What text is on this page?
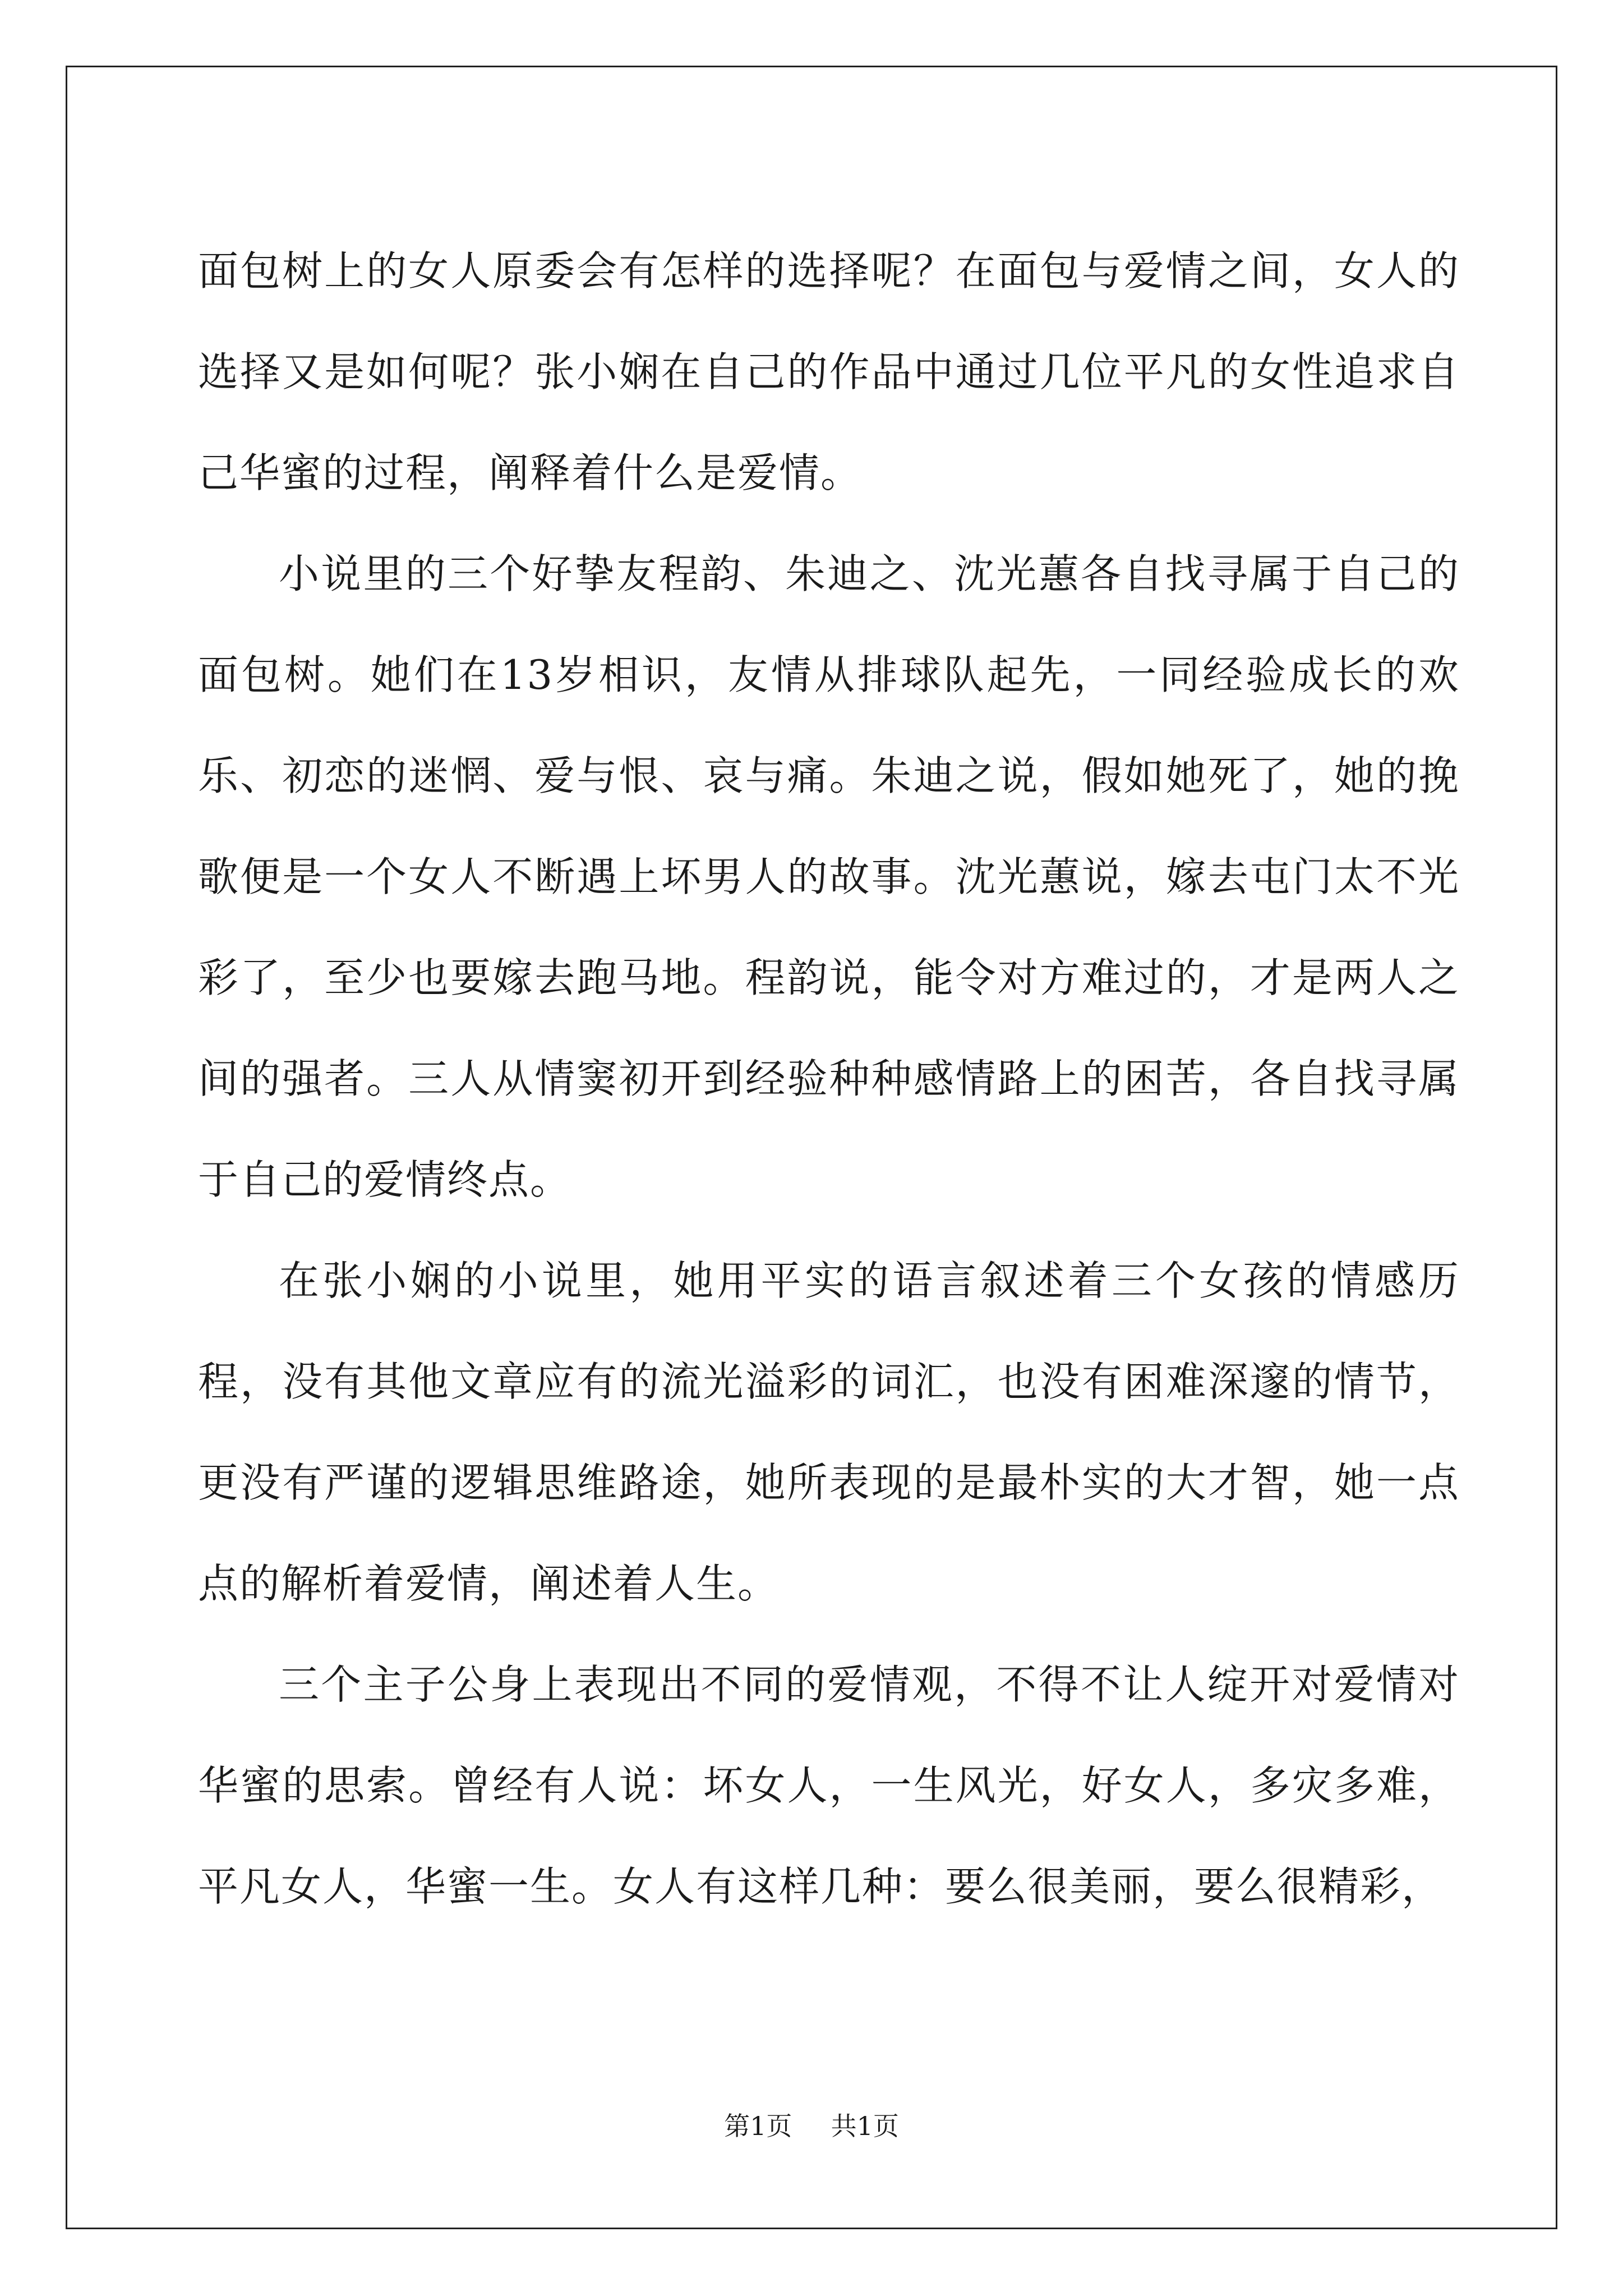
面包树上的女人原委会有怎样的选择呢？在面包与爱情之间，女人的选择又是如何呢？张小娴在自己的作品中通过几位平凡的女性追求自己华蜜的过程，阐释着什么是爱情。

小说里的三个好挚友程韵、朱迪之、沈光蕙各自找寻属于自己的面包树。她们在13岁相识，友情从排球队起先，一同经验成长的欢乐、初恋的迷惘、爱与恨、哀与痛。朱迪之说，假如她死了，她的挽歌便是一个女人不断遇上坏男人的故事。沈光蕙说，嫁去屯门太不光彩了，至少也要嫁去跑马地。程韵说，能令对方难过的，才是两人之间的强者。三人从情窦初开到经验种种感情路上的困苦，各自找寻属于自己的爱情终点。

在张小娴的小说里，她用平实的语言叙述着三个女孩的情感历程，没有其他文章应有的流光溢彩的词汇，也没有困难深邃的情节，更没有严谨的逻辑思维路途，她所表现的是最朴实的大才智，她一点点的解析着爱情，阐述着人生。

三个主子公身上表现出不同的爱情观，不得不让人绽开对爱情对华蜜的思索。曾经有人说：坏女人，一生风光，好女人，多灾多难，平凡女人，华蜜一生。女人有这样几种：要么很美丽，要么很精彩，

第1页 共1页
